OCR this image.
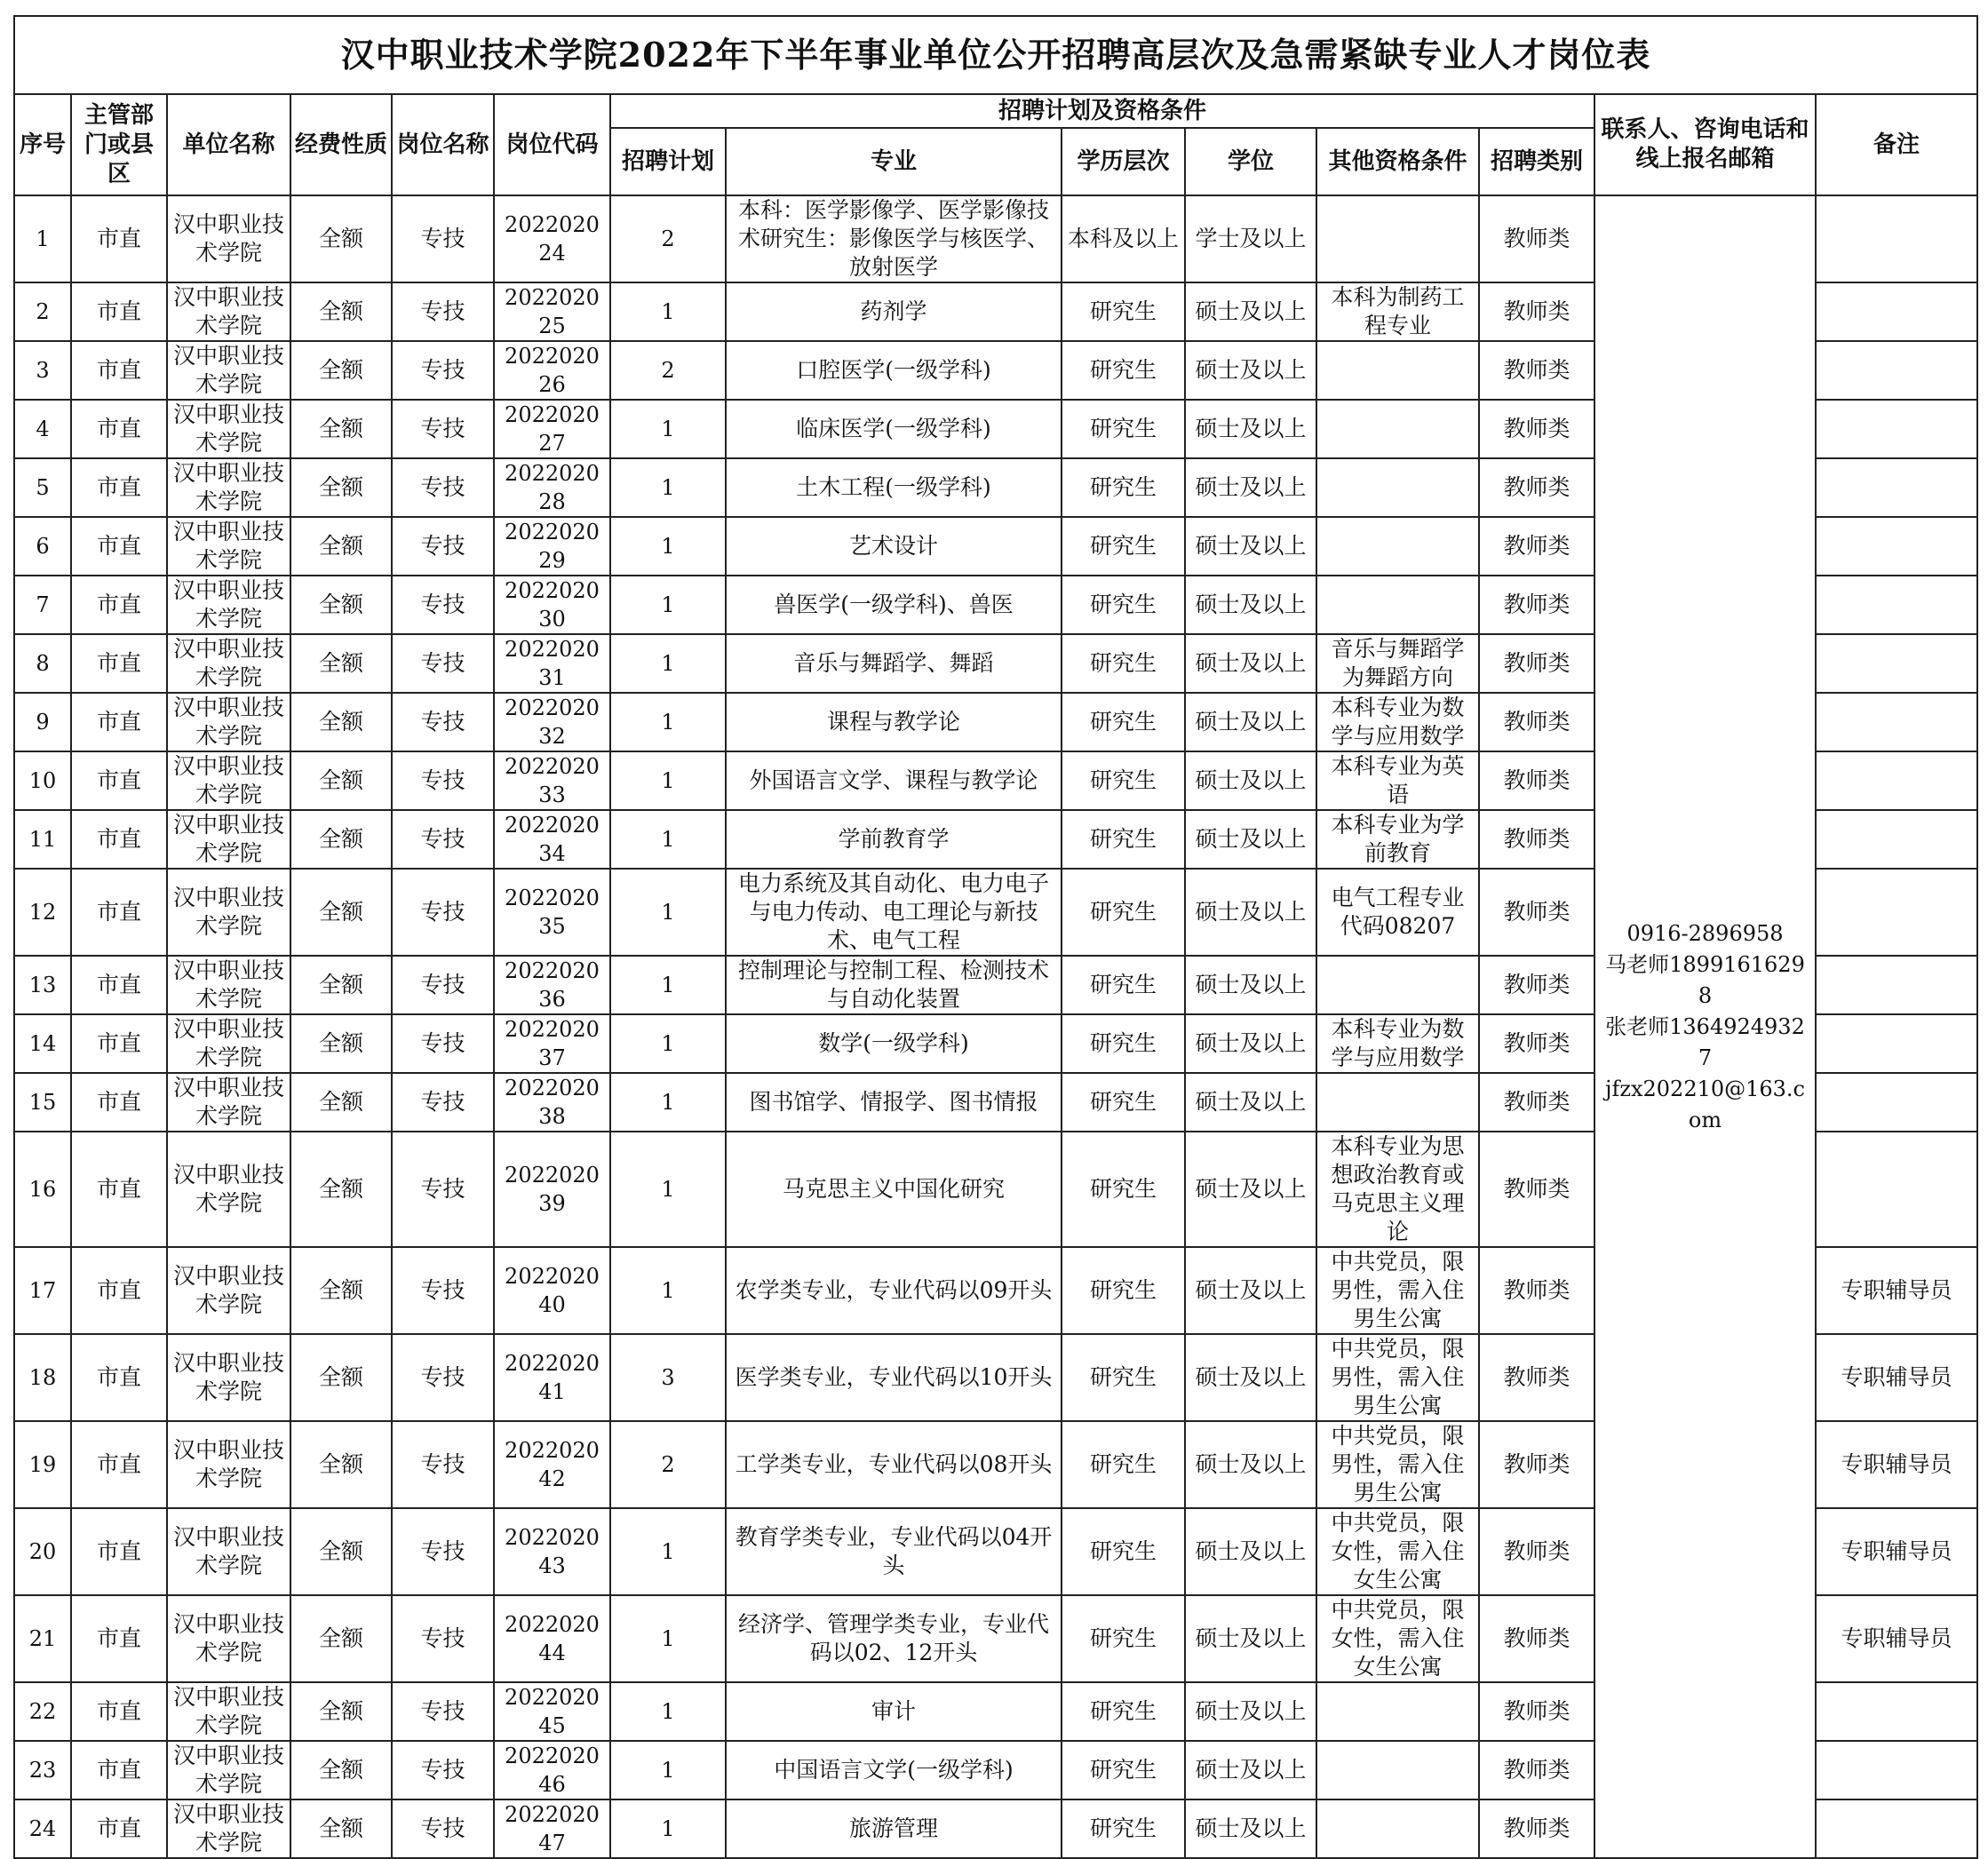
汉中职业技术学院2022年下半年事业单位公开招聘高层次及急需紧缺专业人才岗位表													
序号	主管部门或县区	单位名称	经费性质	岗位名称	岗位代码	招聘计划及资格条件						联系人、咨询电话和线上报名邮箱	备注
						招聘计划	专业	学历层次	学位	其他资格条件	招聘类别		
1	市直	汉中职业技术学院	全额	专技	202202024	2	本科：医学影像学、医学影像技术研究生：影像医学与核医学、放射医学	本科及以上	学士及以上		教师类	0916-2896958
马老师18991616298
张老师13649249327
jfzx202210@163.com	
2	市直	汉中职业技术学院	全额	专技	202202025	1	药剂学	研究生	硕士及以上	本科为制药工程专业	教师类		
3	市直	汉中职业技术学院	全额	专技	202202026	2	口腔医学(一级学科)	研究生	硕士及以上		教师类		
4	市直	汉中职业技术学院	全额	专技	202202027	1	临床医学(一级学科)	研究生	硕士及以上		教师类		
5	市直	汉中职业技术学院	全额	专技	202202028	1	土木工程(一级学科)	研究生	硕士及以上		教师类		
6	市直	汉中职业技术学院	全额	专技	202202029	1	艺术设计	研究生	硕士及以上		教师类		
7	市直	汉中职业技术学院	全额	专技	202202030	1	兽医学(一级学科)、兽医	研究生	硕士及以上		教师类		
8	市直	汉中职业技术学院	全额	专技	202202031	1	音乐与舞蹈学、舞蹈	研究生	硕士及以上	音乐与舞蹈学为舞蹈方向	教师类		
9	市直	汉中职业技术学院	全额	专技	202202032	1	课程与教学论	研究生	硕士及以上	本科专业为数学与应用数学	教师类		
10	市直	汉中职业技术学院	全额	专技	202202033	1	外国语言文学、课程与教学论	研究生	硕士及以上	本科专业为英语	教师类		
11	市直	汉中职业技术学院	全额	专技	202202034	1	学前教育学	研究生	硕士及以上	本科专业为学前教育	教师类		
12	市直	汉中职业技术学院	全额	专技	202202035	1	电力系统及其自动化、电力电子与电力传动、电工理论与新技术、电气工程	研究生	硕士及以上	电气工程专业代码08207	教师类		
13	市直	汉中职业技术学院	全额	专技	202202036	1	控制理论与控制工程、检测技术与自动化装置	研究生	硕士及以上		教师类		
14	市直	汉中职业技术学院	全额	专技	202202037	1	数学(一级学科)	研究生	硕士及以上	本科专业为数学与应用数学	教师类		
15	市直	汉中职业技术学院	全额	专技	202202038	1	图书馆学、情报学、图书情报	研究生	硕士及以上		教师类		
16	市直	汉中职业技术学院	全额	专技	202202039	1	马克思主义中国化研究	研究生	硕士及以上	本科专业为思想政治教育或马克思主义理论	教师类		
17	市直	汉中职业技术学院	全额	专技	202202040	1	农学类专业，专业代码以09开头	研究生	硕士及以上	中共党员，限男性，需入住男生公寓	教师类		专职辅导员
18	市直	汉中职业技术学院	全额	专技	202202041	3	医学类专业，专业代码以10开头	研究生	硕士及以上	中共党员，限男性，需入住男生公寓	教师类		专职辅导员
19	市直	汉中职业技术学院	全额	专技	202202042	2	工学类专业，专业代码以08开头	研究生	硕士及以上	中共党员，限男性，需入住男生公寓	教师类		专职辅导员
20	市直	汉中职业技术学院	全额	专技	202202043	1	教育学类专业，专业代码以04开头	研究生	硕士及以上	中共党员，限女性，需入住女生公寓	教师类		专职辅导员
21	市直	汉中职业技术学院	全额	专技	202202044	1	经济学、管理学类专业，专业代码以02、12开头	研究生	硕士及以上	中共党员，限女性，需入住女生公寓	教师类		专职辅导员
22	市直	汉中职业技术学院	全额	专技	202202045	1	审计	研究生	硕士及以上		教师类		
23	市直	汉中职业技术学院	全额	专技	202202046	1	中国语言文学(一级学科)	研究生	硕士及以上		教师类		
24	市直	汉中职业技术学院	全额	专技	202202047	1	旅游管理	研究生	硕士及以上		教师类		
